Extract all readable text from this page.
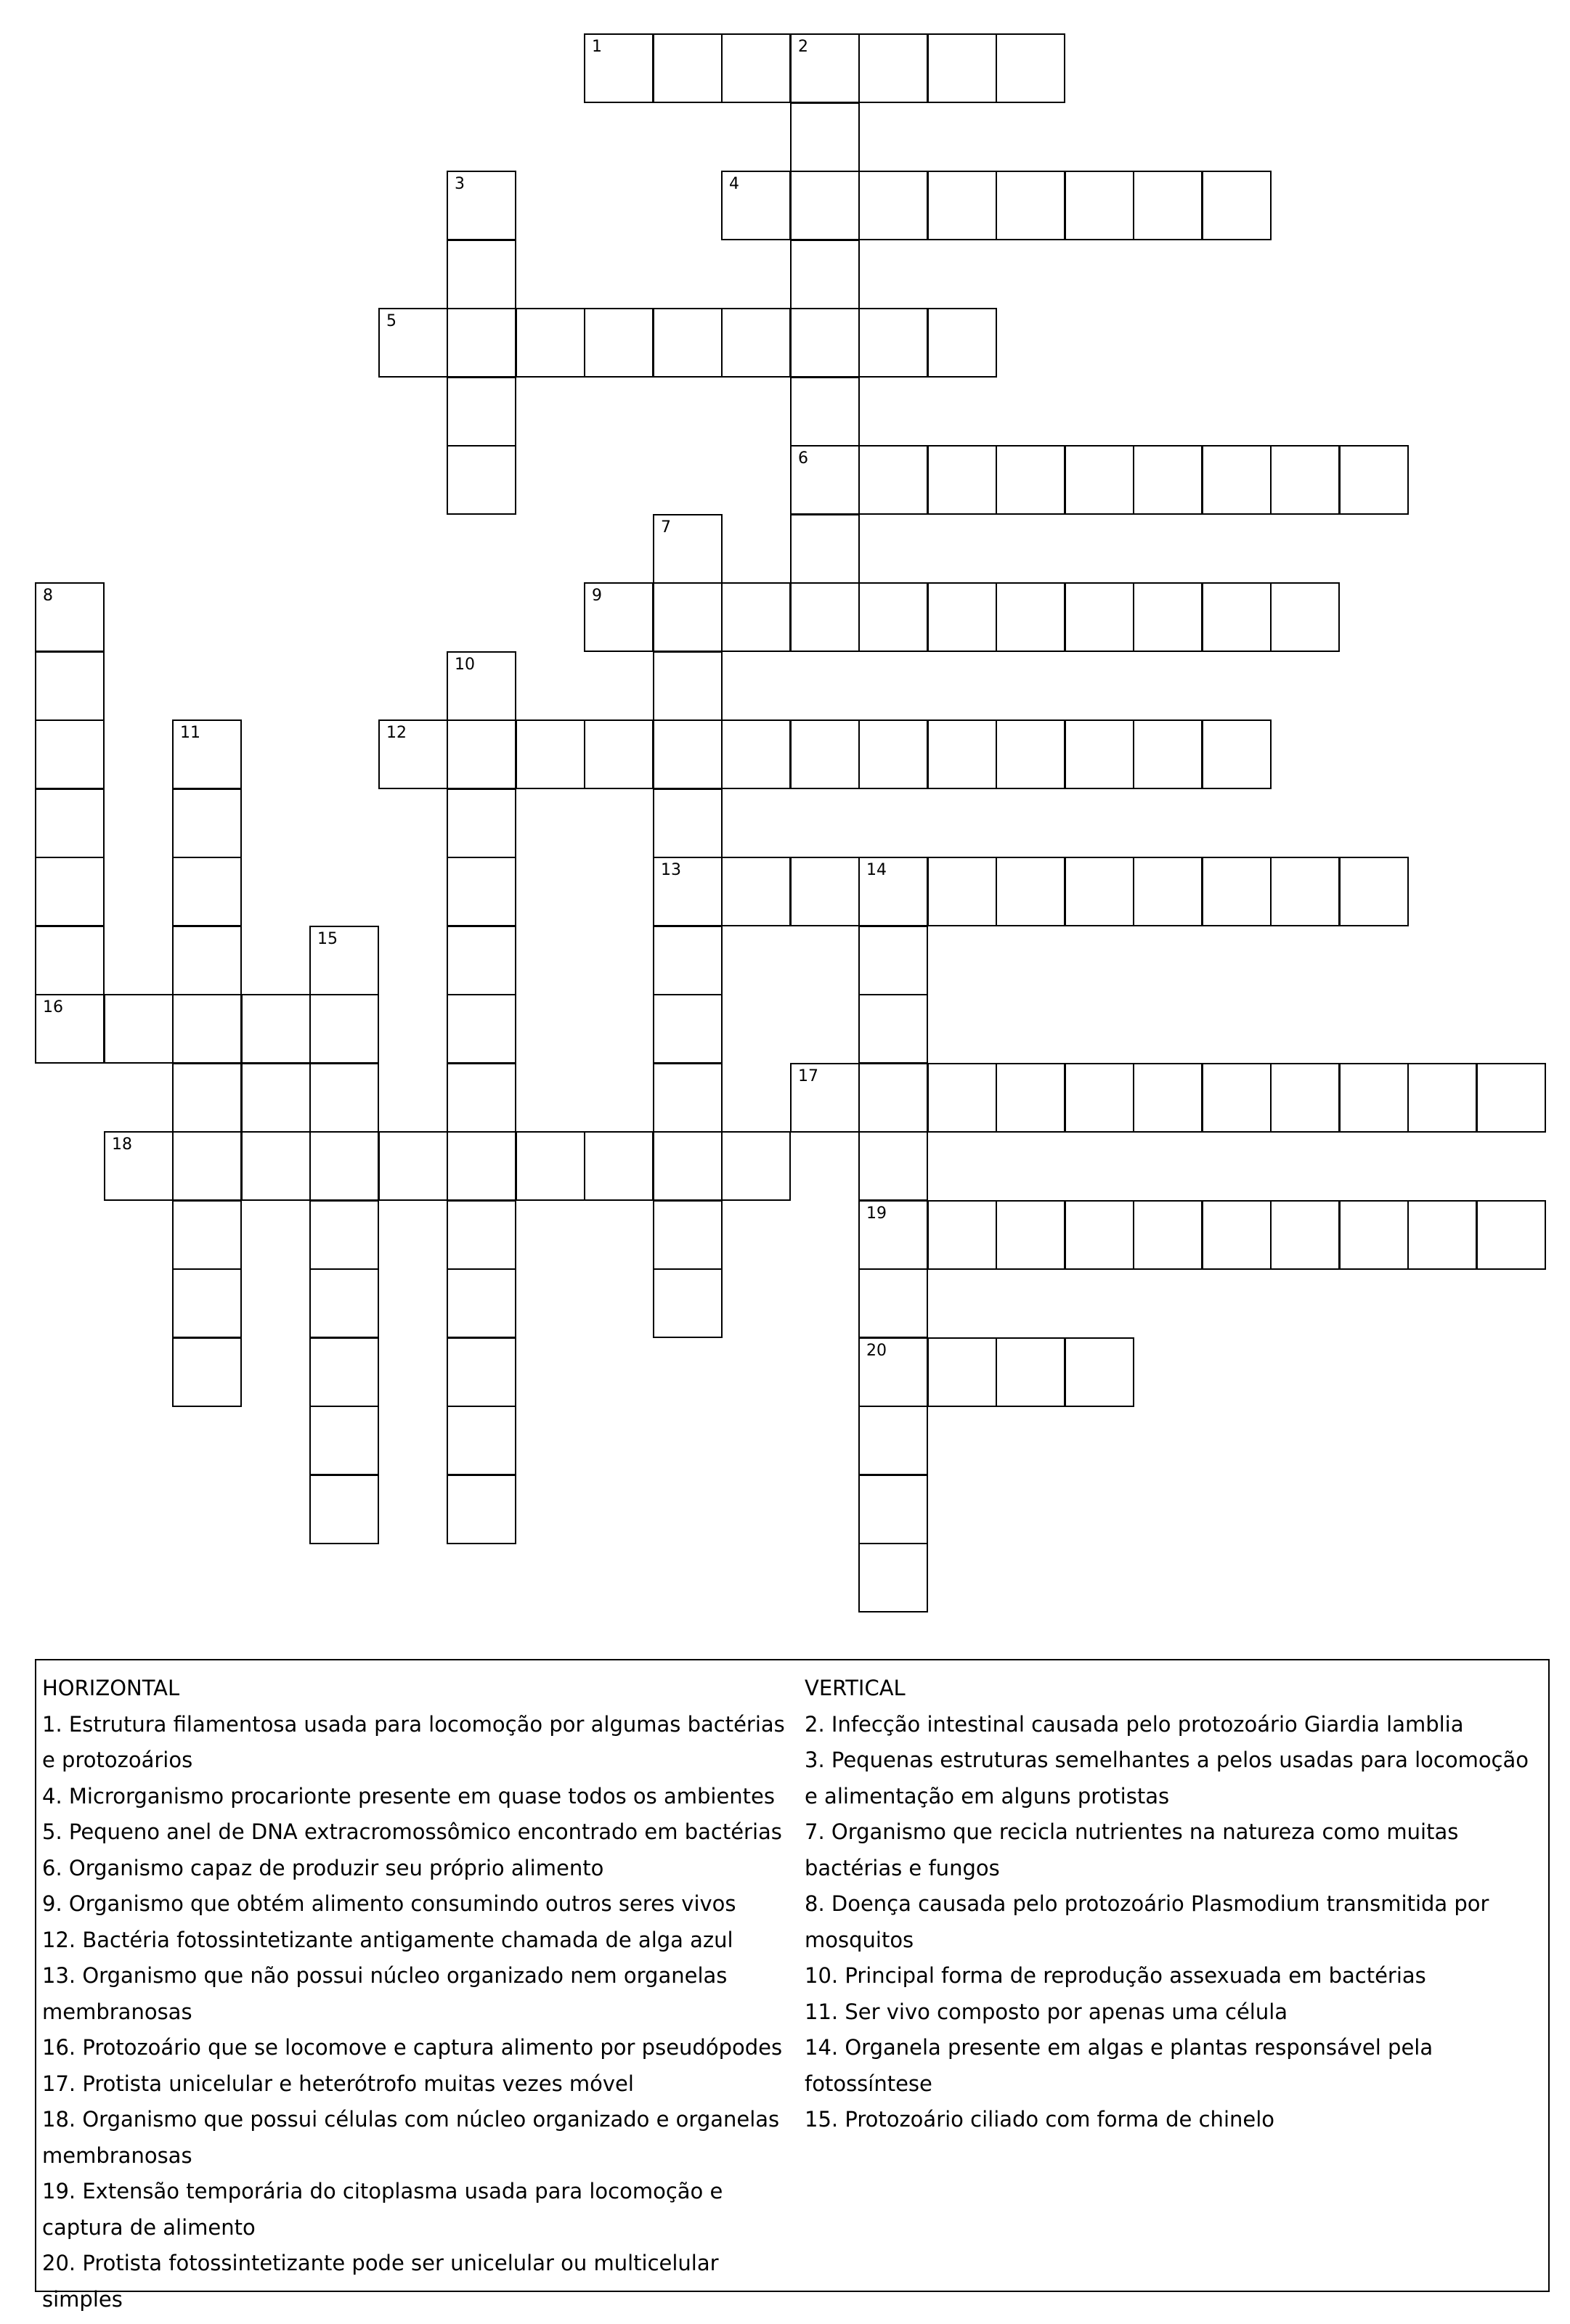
1	2
3	4
5
6
7
8	9
10
11	12
13	14
15
16
17
18
19
20
HORIZONTAL
1. Estrutura filamentosa usada para locomoção por algumas bactérias e protozoários
4. Microrganismo procarionte presente em quase todos os ambientes
5. Pequeno anel de DNA extracromossômico encontrado em bactérias
6. Organismo capaz de produzir seu próprio alimento
9. Organismo que obtém alimento consumindo outros seres vivos
12. Bactéria fotossintetizante antigamente chamada de alga azul
13. Organismo que não possui núcleo organizado nem organelas membranosas
16. Protozoário que se locomove e captura alimento por pseudópodes
17. Protista unicelular e heterótrofo muitas vezes móvel
18. Organismo que possui células com núcleo organizado e organelas membranosas
19. Extensão temporária do citoplasma usada para locomoção e captura de alimento
20. Protista fotossintetizante pode ser unicelular ou multicelular simples
VERTICAL
2. Infecção intestinal causada pelo protozoário Giardia lamblia
3. Pequenas estruturas semelhantes a pelos usadas para locomoção e alimentação em alguns protistas
7. Organismo que recicla nutrientes na natureza como muitas bactérias e fungos
8. Doença causada pelo protozoário Plasmodium transmitida por mosquitos
10. Principal forma de reprodução assexuada em bactérias
11. Ser vivo composto por apenas uma célula
14. Organela presente em algas e plantas responsável pela fotossíntese
15. Protozoário ciliado com forma de chinelo
